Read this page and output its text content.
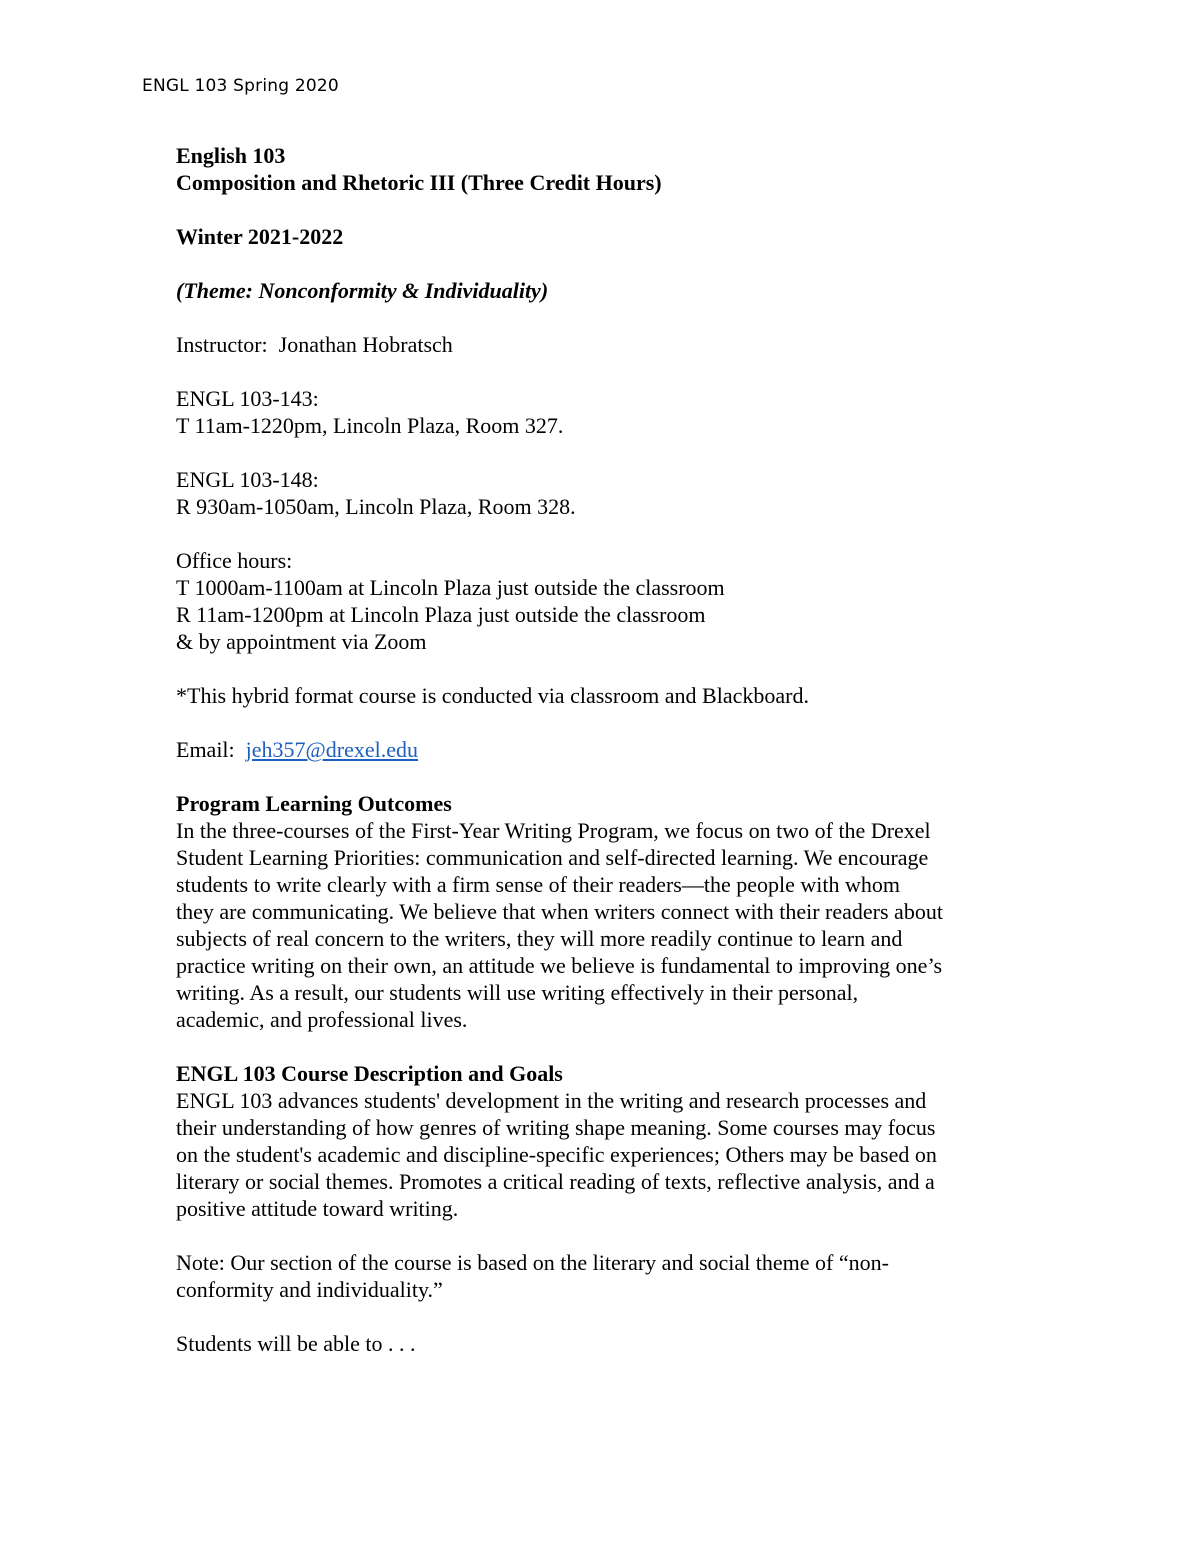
ENGL 103 Spring 2020
English 103
Composition and Rhetoric III (Three Credit Hours)
Winter 2021-2022
(Theme: Nonconformity & Individuality)
Instructor: Jonathan Hobratsch
ENGL 103-143:
T 11am-1220pm, Lincoln Plaza, Room 327.
ENGL 103-148:
R 930am-1050am, Lincoln Plaza, Room 328.
Office hours:
T 1000am-1100am at Lincoln Plaza just outside the classroom
R 11am-1200pm at Lincoln Plaza just outside the classroom
& by appointment via Zoom
*This hybrid format course is conducted via classroom and Blackboard.
Email: jeh357@drexel.edu
Program Learning Outcomes
In the three-courses of the First-Year Writing Program, we focus on two of the Drexel
Student Learning Priorities: communication and self-directed learning. We encourage
students to write clearly with a firm sense of their readers—the people with whom
they are communicating. We believe that when writers connect with their readers about
subjects of real concern to the writers, they will more readily continue to learn and
practice writing on their own, an attitude we believe is fundamental to improving one’s
writing. As a result, our students will use writing effectively in their personal,
academic, and professional lives.
ENGL 103 Course Description and Goals
ENGL 103 advances students' development in the writing and research processes and
their understanding of how genres of writing shape meaning. Some courses may focus
on the student's academic and discipline-specific experiences; Others may be based on
literary or social themes. Promotes a critical reading of texts, reflective analysis, and a
positive attitude toward writing.
Note: Our section of the course is based on the literary and social theme of “non-
conformity and individuality.”
Students will be able to . . .
